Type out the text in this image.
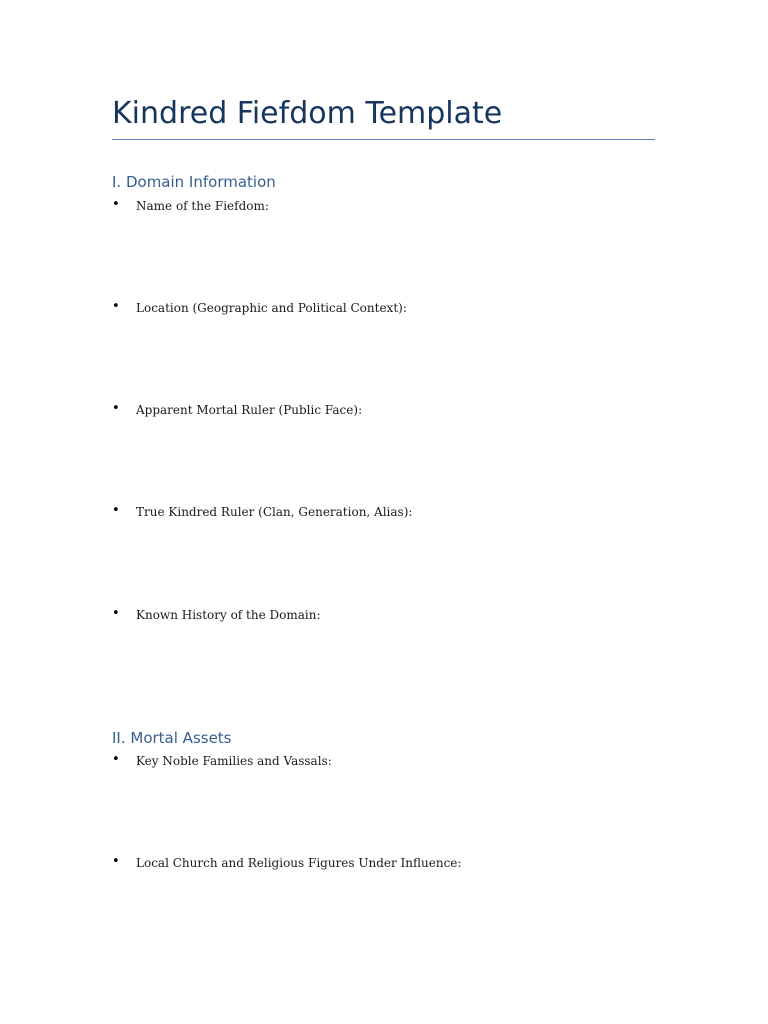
Kindred Fiefdom Template
I. Domain Information
• Name of the Fiefdom:
• Location (Geographic and Political Context):
• Apparent Mortal Ruler (Public Face):
• True Kindred Ruler (Clan, Generation, Alias):
• Known History of the Domain:
II. Mortal Assets
• Key Noble Families and Vassals:
• Local Church and Religious Figures Under Influence:
